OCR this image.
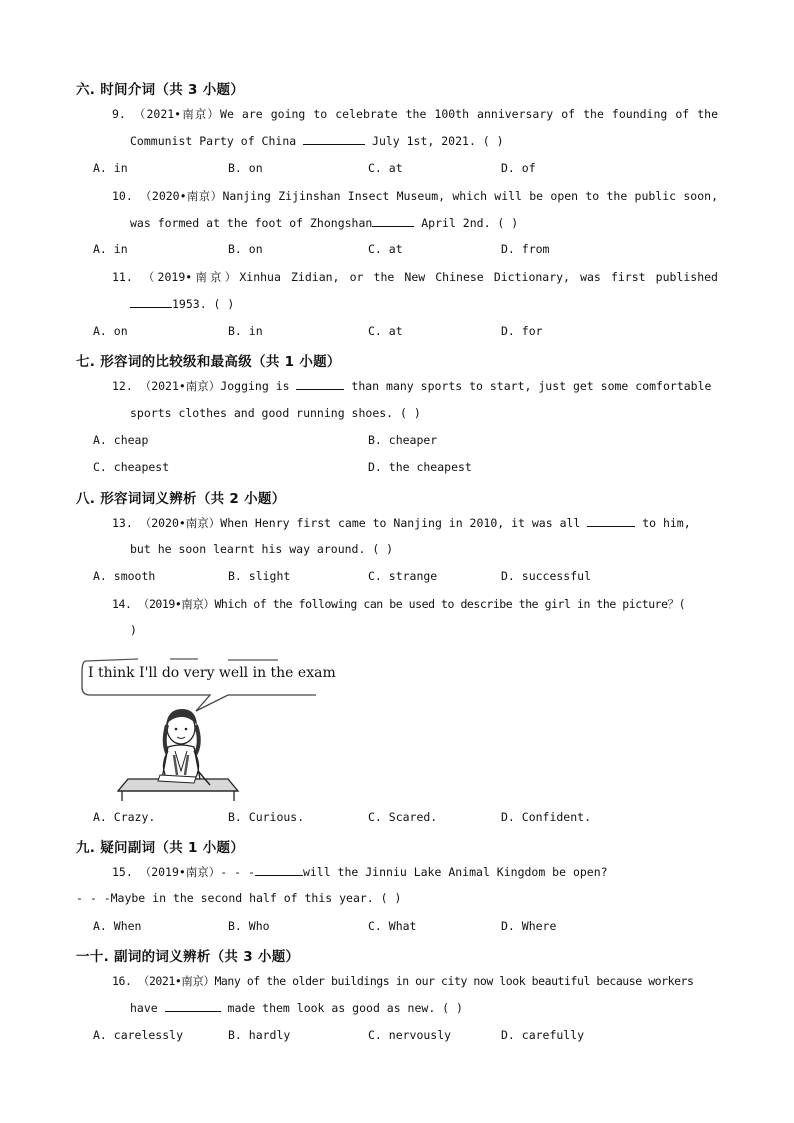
六. 时间介词（共 3 小题）
9. （2021•南京）We are going to celebrate the 100th anniversary of the founding of the
Communist Party of China	July 1st, 2021. ( )
A. in	B. on	C. at	D. of
10. （2020•南京）Nanjing Zijinshan Insect Museum, which will be open to the public soon,
was formed at the foot of Zhongshan	April 2nd. ( )
A. in	B. on	C. at	D. from
11. （2019•南京）Xinhua Zidian, or the New Chinese Dictionary, was first published
1953. ( )
A. on	B. in	C. at	D. for
七. 形容词的比较级和最高级（共 1 小题）
12. （2021•南京）Jogging is	than many sports to start, just get some comfortable
sports clothes and good running shoes. ( )
A. cheap	B. cheaper
C. cheapest	D. the cheapest
八. 形容词词义辨析（共 2 小题）
13. （2020•南京）When Henry first came to Nanjing in 2010, it was all	to him,
but he soon learnt his way around. ( )
A. smooth	B. slight	C. strange	D. successful
14. （2019•南京）Which of the following can be used to describe the girl in the picture？(
)
I think I'll do very well in the exam
A. Crazy.	B. Curious.	C. Scared.	D. Confident.
九. 疑问副词（共 1 小题）
15. （2019•南京）- - -	will the Jinniu Lake Animal Kingdom be open?
- - -Maybe in the second half of this year. ( )
A. When	B. Who	C. What	D. Where
一十. 副词的词义辨析（共 3 小题）
16. （2021•南京）Many of the older buildings in our city now look beautiful because workers
have	made them look as good as new. ( )
A. carelessly	B. hardly	C. nervously	D. carefully
